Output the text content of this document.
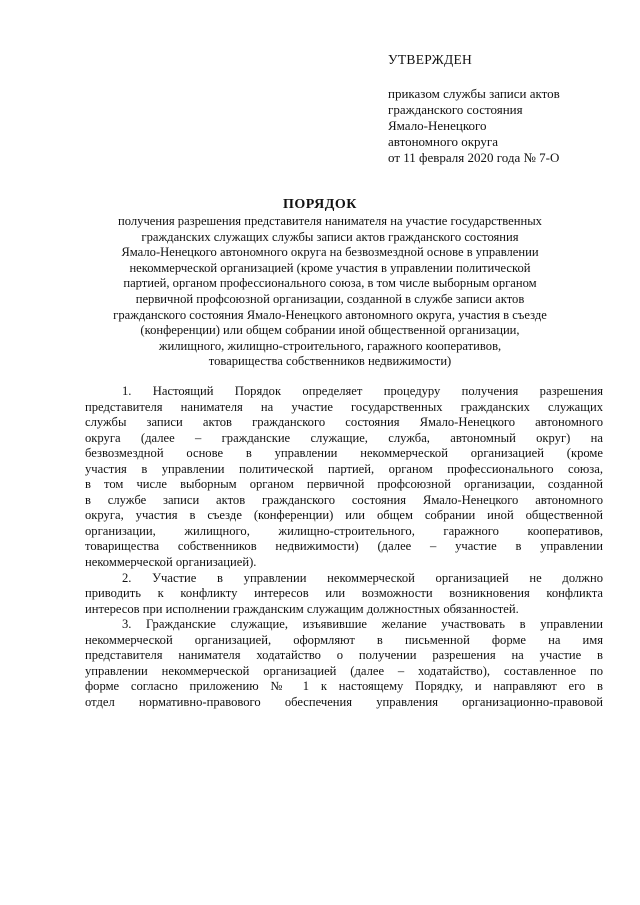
УТВЕРЖДЕН
приказом службы записи актов
гражданского состояния
Ямало-Ненецкого
автономного округа
от 11 февраля 2020 года № 7-О
ПОРЯДОК
получения разрешения представителя нанимателя на участие государственных
гражданских служащих службы записи актов гражданского состояния
Ямало-Ненецкого автономного округа на безвозмездной основе в управлении
некоммерческой организацией (кроме участия в управлении политической
партией, органом профессионального союза, в том числе выборным органом
первичной профсоюзной организации, созданной в службе записи актов
гражданского состояния Ямало-Ненецкого автономного округа, участия в съезде
(конференции) или общем собрании иной общественной организации,
жилищного, жилищно-строительного, гаражного кооперативов,
товарищества собственников недвижимости)
1. Настоящий Порядок определяет процедуру получения разрешения
представителя нанимателя на участие государственных гражданских служащих
службы записи актов гражданского состояния Ямало-Ненецкого автономного
округа (далее – гражданские служащие, служба, автономный округ) на
безвозмездной основе в управлении некоммерческой организацией (кроме
участия в управлении политической партией, органом профессионального союза,
в том числе выборным органом первичной профсоюзной организации, созданной
в службе записи актов гражданского состояния Ямало-Ненецкого автономного
округа, участия в съезде (конференции) или общем собрании иной общественной
организации, жилищного, жилищно-строительного, гаражного кооперативов,
товарищества собственников недвижимости) (далее – участие в управлении
некоммерческой организацией).
2. Участие в управлении некоммерческой организацией не должно
приводить к конфликту интересов или возможности возникновения конфликта
интересов при исполнении гражданским служащим должностных обязанностей.
3. Гражданские служащие, изъявившие желание участвовать в управлении
некоммерческой организацией, оформляют в письменной форме на имя
представителя нанимателя ходатайство о получении разрешения на участие в
управлении некоммерческой организацией (далее – ходатайство), составленное по
форме согласно приложению № 1 к настоящему Порядку, и направляют его в
отдел нормативно-правового обеспечения управления организационно-правовой
